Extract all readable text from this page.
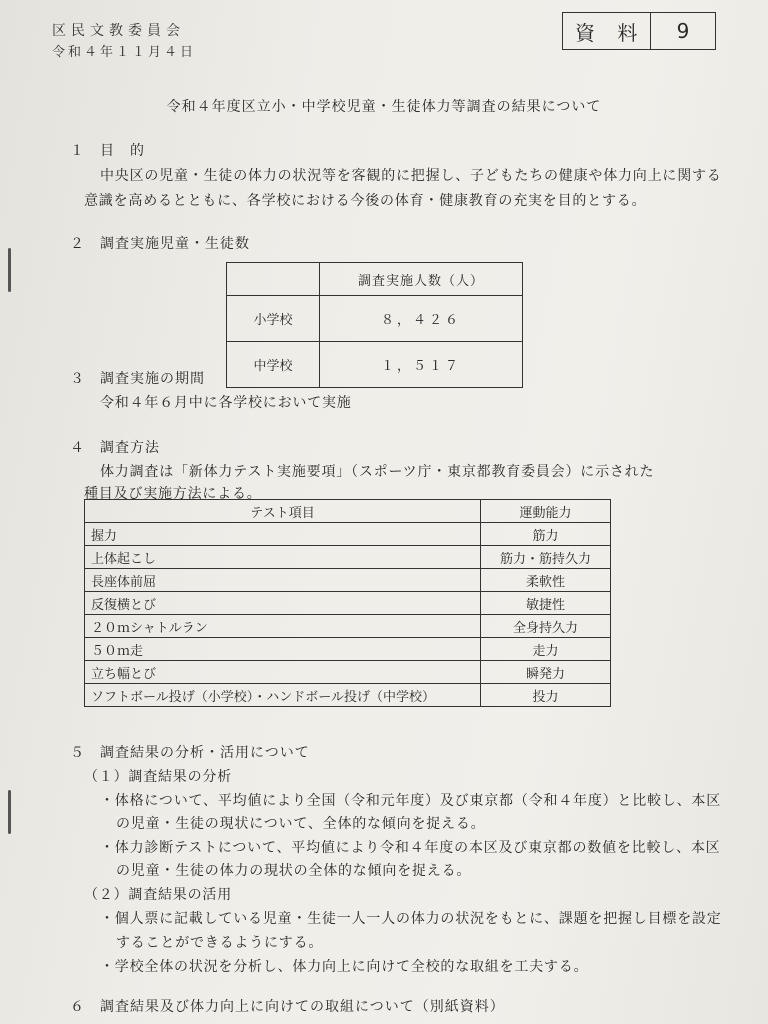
区民文教委員会
令和４年１１月４日
資 料	9
令和４年度区立小・中学校児童・生徒体力等調査の結果について
１　目　的
中央区の児童・生徒の体力の状況等を客観的に把握し、子どもたちの健康や体力向上に関する
意識を高めるとともに、各学校における今後の体育・健康教育の充実を目的とする。
２　調査実施児童・生徒数
	調査実施人数（人）
小学校	８，４２６
中学校	１，５１７
３　調査実施の期間
令和４年６月中に各学校において実施
４　調査方法
体力調査は「新体力テスト実施要項」（スポーツ庁・東京都教育委員会）に示された
種目及び実施方法による。
テスト項目	運動能力
握力	筋力
上体起こし	筋力・筋持久力
長座体前屈	柔軟性
反復横とび	敏捷性
２０ｍシャトルラン	全身持久力
５０ｍ走	走力
立ち幅とび	瞬発力
ソフトボール投げ（小学校）・ハンドボール投げ（中学校）	投力
５　調査結果の分析・活用について
（１）調査結果の分析
・体格について、平均値により全国（令和元年度）及び東京都（令和４年度）と比較し、本区
の児童・生徒の現状について、全体的な傾向を捉える。
・体力診断テストについて、平均値により令和４年度の本区及び東京都の数値を比較し、本区
の児童・生徒の体力の現状の全体的な傾向を捉える。
（２）調査結果の活用
・個人票に記載している児童・生徒一人一人の体力の状況をもとに、課題を把握し目標を設定
することができるようにする。
・学校全体の状況を分析し、体力向上に向けて全校的な取組を工夫する。
６　調査結果及び体力向上に向けての取組について（別紙資料）
